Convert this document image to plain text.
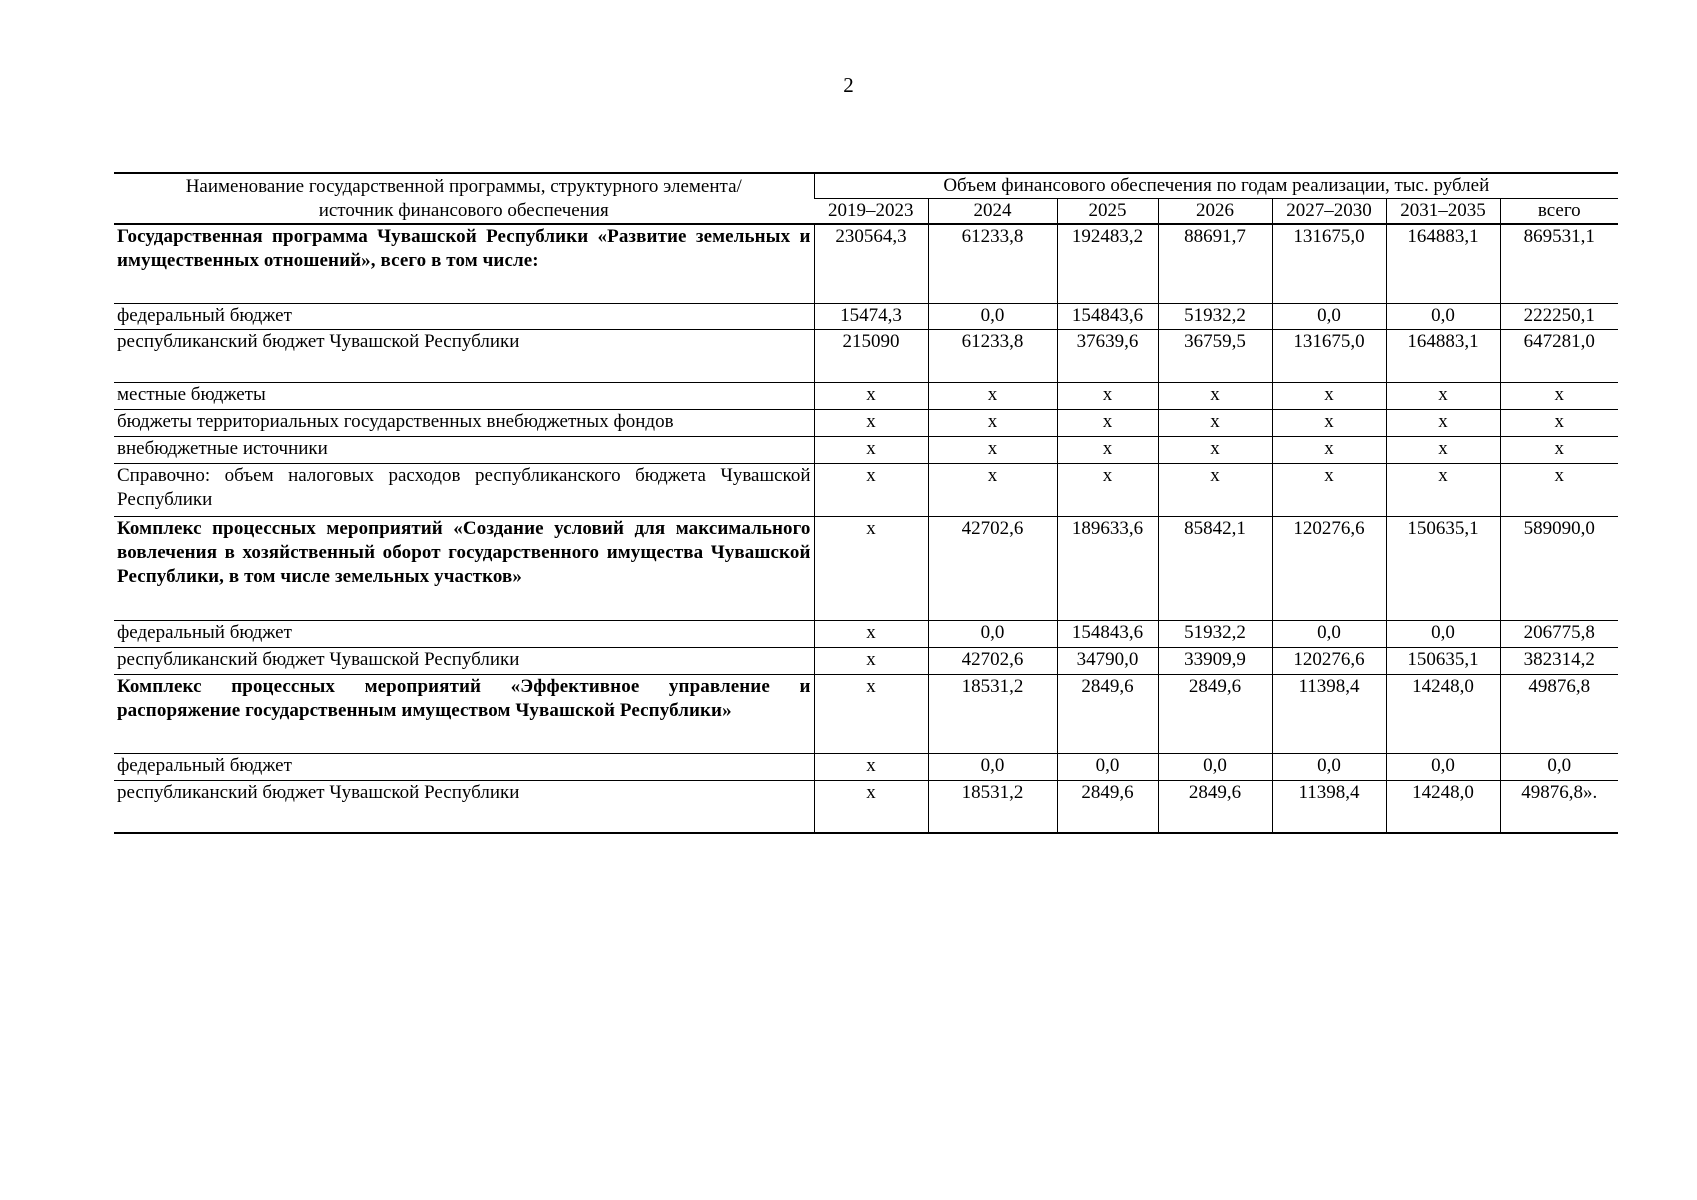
2
Наименование государственной программы, структурного элемента/источник финансового обеспечения	Объем финансового обеспечения по годам реализации, тыс. рублей						
	2019–2023	2024	2025	2026	2027–2030	2031–2035	всего
Государственная программа Чувашской Республики «Развитие земельных и имущественных отношений», всего в том числе:	230564,3	61233,8	192483,2	88691,7	131675,0	164883,1	869531,1
федеральный бюджет	15474,3	0,0	154843,6	51932,2	0,0	0,0	222250,1
республиканский бюджет Чувашской Республики	215090	61233,8	37639,6	36759,5	131675,0	164883,1	647281,0
местные бюджеты	x	x	x	x	x	x	x
бюджеты территориальных государственных внебюджетных фондов	x	x	x	x	x	x	x
внебюджетные источники	x	x	x	x	x	x	x
Справочно: объем налоговых расходов республиканского бюджета Чувашской Республики	x	x	x	x	x	x	x
Комплекс процессных мероприятий «Создание условий для максимального вовлечения в хозяйственный оборот государственного имущества Чувашской Республики, в том числе земельных участков»	x	42702,6	189633,6	85842,1	120276,6	150635,1	589090,0
федеральный бюджет	x	0,0	154843,6	51932,2	0,0	0,0	206775,8
республиканский бюджет Чувашской Республики	x	42702,6	34790,0	33909,9	120276,6	150635,1	382314,2
Комплекс процессных мероприятий «Эффективное управление и распоряжение государственным имуществом Чувашской Республики»	x	18531,2	2849,6	2849,6	11398,4	14248,0	49876,8
федеральный бюджет	x	0,0	0,0	0,0	0,0	0,0	0,0
республиканский бюджет Чувашской Республики	x	18531,2	2849,6	2849,6	11398,4	14248,0	49876,8».
